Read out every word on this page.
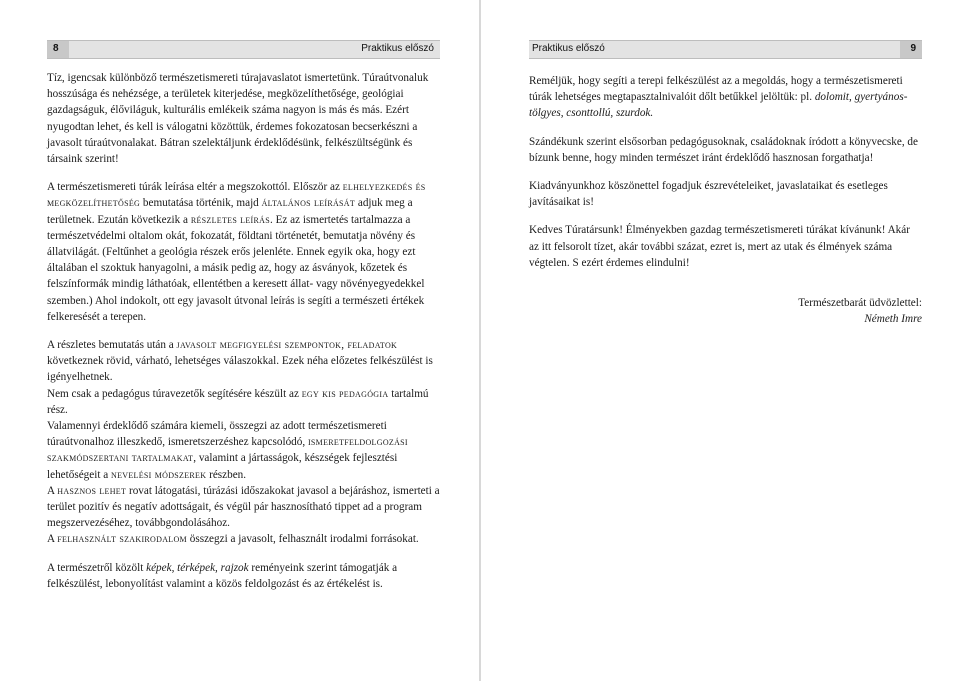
8	Praktikus előszó

Tíz, igencsak különböző természetismereti túrajavaslatot ismertetünk. Túraútvonaluk hosszúsága és nehézsége, a területek kiterjedése, megközelíthetősége, geológiai gazdagságuk, élőviláguk, kulturális emlékeik száma nagyon is más és más. Ezért nyugodtan lehet, és kell is válogatni közöttük, érdemes fokozatosan becserkészni a javasolt túraútvonalakat. Bátran szelektáljunk érdeklődésünk, felkészültségünk és társaink szerint!

A természetismereti túrák leírása eltér a megszokottól. Először az elhelyezkedés és megközelíthetőség bemutatása történik, majd általános leírását adjuk meg a területnek. Ezután következik a részletes leírás. Ez az ismertetés tartalmazza a természetvédelmi oltalom okát, fokozatát, földtani történetét, bemutatja növény és állatvilágát. (Feltűnhet a geológia részek erős jelenléte. Ennek egyik oka, hogy ezt általában el szoktuk hanyagolni, a másik pedig az, hogy az ásványok, kőzetek és felszínformák mindig láthatóak, ellentétben a keresett állat- vagy növényegyedekkel szemben.) Ahol indokolt, ott egy javasolt útvonal leírás is segíti a természeti értékek felkeresését a terepen.

A részletes bemutatás után a javasolt megfigyelési szempontok, feladatok következnek rövid, várható, lehetséges válaszokkal. Ezek néha előzetes felkészülést is igényelhetnek.

Nem csak a pedagógus túravezetők segítésére készült az egy kis pedagógia tartalmú rész.

Valamennyi érdeklődő számára kiemeli, összegzi az adott természetismereti túraútvonalhoz illeszkedő, ismeretszerzéshez kapcsolódó, ismeretfeldolgozási szakmódszertani tartalmakat, valamint a jártasságok, készségek fejlesztési lehetőségeit a nevelési módszerek részben.

A hasznos lehet rovat látogatási, túrázási időszakokat javasol a bejáráshoz, ismerteti a terület pozitív és negatív adottságait, és végül pár hasznosítható tippet ad a program megszervezéséhez, továbbgondolásához.

A felhasznált szakirodalom összegzi a javasolt, felhasznált irodalmi forrásokat.

A természetről közölt képek, térképek, rajzok reményeink szerint támogatják a felkészülést, lebonyolítást valamint a közös feldolgozást és az értékelést is.

Praktikus előszó	9

Reméljük, hogy segíti a terepi felkészülést az a megoldás, hogy a természetismereti túrák lehetséges megtapasztalnivalóit dőlt betűkkel jelöltük: pl. dolomit, gyertyános-tölgyes, csonttollú, szurdok.

Szándékunk szerint elsősorban pedagógusoknak, családoknak íródott a könyvecske, de bízunk benne, hogy minden természet iránt érdeklődő hasznosan forgathatja!

Kiadványunkhoz köszönettel fogadjuk észrevételeiket, javaslataikat és esetleges javításaikat is!

Kedves Túratársunk! Élményekben gazdag természetismereti túrákat kívánunk! Akár az itt felsorolt tízet, akár további százat, ezret is, mert az utak és élmények száma végtelen. S ezért érdemes elindulni!

Természetbarát üdvözlettel:

Németh Imre
